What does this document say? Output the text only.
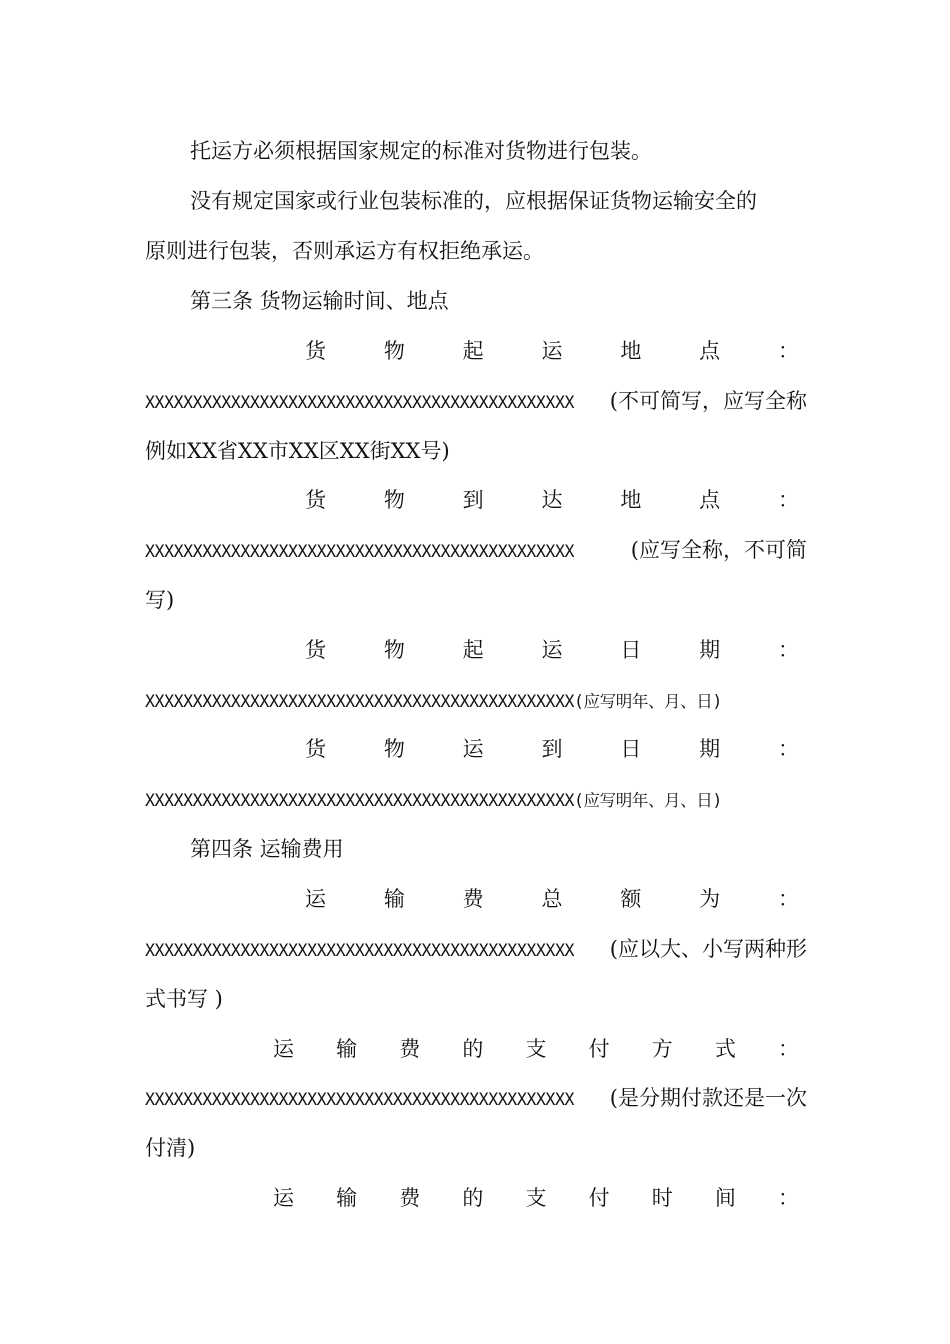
托运方必须根据国家规定的标准对货物进行包装。
没有规定国家或行业包装标准的，应根据保证货物运输安全的
原则进行包装，否则承运方有权拒绝承运。
第三条 货物运输时间、地点
货	物	起	运	地	点	：
XXXXXXXXXXXXXXXXXXXXXXXXXXXXXXXXXXXXXXXXXXXXX (不可简写，应写全称
例如XX省XX市XX区XX街XX号)
货	物	到	达	地	点	：
XXXXXXXXXXXXXXXXXXXXXXXXXXXXXXXXXXXXXXXXXXXXX	(应写全称，不可简
写)
货	物	起	运	日	期	：
XXXXXXXXXXXXXXXXXXXXXXXXXXXXXXXXXXXXXXXXXXXXX(应写明年、月、日)
货	物	运	到	日	期	：
XXXXXXXXXXXXXXXXXXXXXXXXXXXXXXXXXXXXXXXXXXXXX(应写明年、月、日)
第四条 运输费用
运	输	费	总	额	为	：
XXXXXXXXXXXXXXXXXXXXXXXXXXXXXXXXXXXXXXXXXXXXX (应以大、小写两种形
式书写 )
运 输 费 的 支 付 方 式 ：
XXXXXXXXXXXXXXXXXXXXXXXXXXXXXXXXXXXXXXXXXXXXX (是分期付款还是一次
付清)
运 输 费 的 支 付 时 间 ：
